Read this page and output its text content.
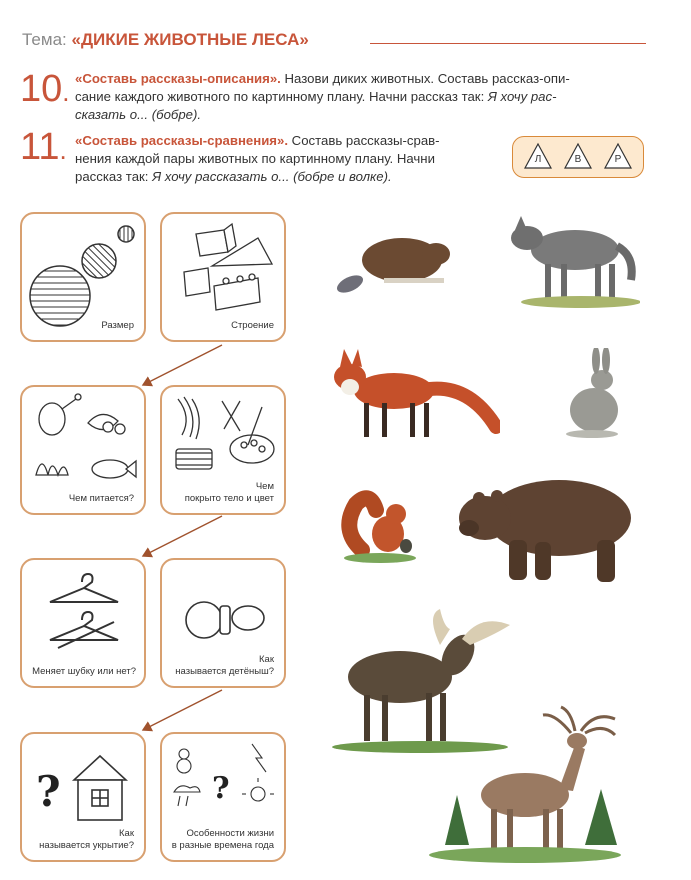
Тема: «ДИКИЕ ЖИВОТНЫЕ ЛЕСА»
10. «Составь рассказы-описания». Назови диких животных. Составь рассказ-опи-
сание каждого животного по картинному плану. Начни рассказ так: Я хочу рас-
сказать о... (бобре).
11. «Составь рассказы-сравнения». Составь рассказы-срав-
нения каждой пары животных по картинному плану. Начни
рассказ так: Я хочу рассказать о... (бобре и волке).
Л	В	Р
Размер	Строение
Чем питается?
Чем
покрыто тело и цвет
Меняет шубку или нет?
Как
называется детёныш?
?
Как
называется укрытие?
?
Особенности жизни
в разные времена года
